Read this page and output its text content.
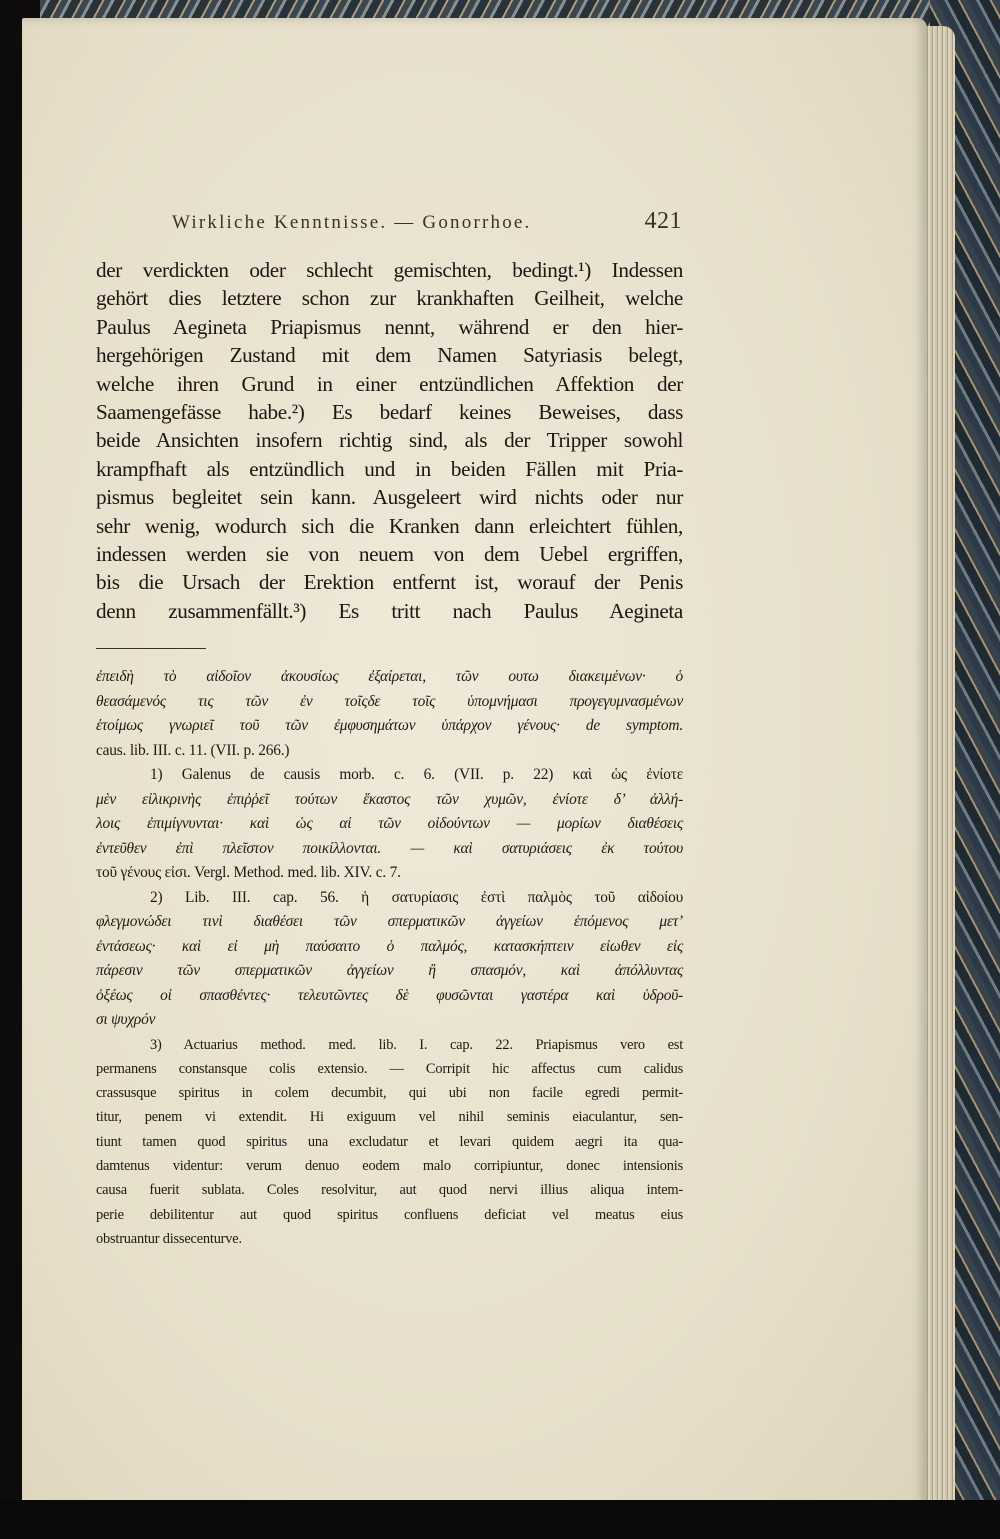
Wirkliche Kenntnisse. — Gonorrhoe.	421
der verdickten oder schlecht gemischten, bedingt.¹) Indessen
gehört dies letztere schon zur krankhaften Geilheit, welche
Paulus Aegineta Priapismus nennt, während er den hier-
hergehörigen Zustand mit dem Namen Satyriasis belegt,
welche ihren Grund in einer entzündlichen Affektion der
Saamengefässe habe.²) Es bedarf keines Beweises, dass
beide Ansichten insofern richtig sind, als der Tripper sowohl
krampfhaft als entzündlich und in beiden Fällen mit Pria-
pismus begleitet sein kann. Ausgeleert wird nichts oder nur
sehr wenig, wodurch sich die Kranken dann erleichtert fühlen,
indessen werden sie von neuem von dem Uebel ergriffen,
bis die Ursach der Erektion entfernt ist, worauf der Penis
denn zusammenfällt.³) Es tritt nach Paulus Aegineta
ἐπειδὴ τὸ αἰδοῖον ἀκουσίως ἐξαίρεται, τῶν ουτω διακειμένων· ὁ
θεασάμενός τις τῶν ἐν τοῖςδε τοῖς ὑπομνήμασι προγεγυμνασμένων
ἑτοίμως γνωριεῖ τοῦ τῶν ἐμφυσημάτων ὑπάρχον γένους· de symptom.
caus. lib. III. c. 11. (VII. p. 266.)
1) Galenus de causis morb. c. 6. (VII. p. 22) καὶ ὡς ἐνίοτε
μὲν εἰλικρινὴς ἐπιῤῥεῖ τούτων ἕκαστος τῶν χυμῶν, ἐνίοτε δ’ ἀλλή-
λοις ἐπιμίγνυνται· καὶ ὡς αἱ τῶν οἰδούντων — μορίων διαθέσεις
ἐντεῦθεν ἐπὶ πλεῖστον ποικίλλονται. — καὶ σατυριάσεις ἐκ τούτου
τοῦ γένους εἰσι. Vergl. Method. med. lib. XIV. c. 7.
2) Lib. III. cap. 56. ἡ σατυρίασις ἐστὶ παλμὸς τοῦ αἰδοίου
φλεγμονώδει τινὶ διαθέσει τῶν σπερματικῶν ἀγγείων ἑπόμενος μετ’
ἐντάσεως· καὶ εἰ μὴ παύσαιτο ὁ παλμός, κατασκήπτειν εἰωθεν εἰς
πάρεσιν τῶν σπερματικῶν ἀγγείων ἢ σπασμόν, καὶ ἀπόλλυντας
ὀξέως οἱ σπασθέντες· τελευτῶντες δὲ φυσῶνται γαστέρα καὶ ὑδροῦ-
σι ψυχρόν
3) Actuarius method. med. lib. I. cap. 22. Priapismus vero est
permanens constansque colis extensio. — Corripit hic affectus cum calidus
crassusque spiritus in colem decumbit, qui ubi non facile egredi permit-
titur, penem vi extendit. Hi exiguum vel nihil seminis eiaculantur, sen-
tiunt tamen quod spiritus una excludatur et levari quidem aegri ita qua-
damtenus videntur: verum denuo eodem malo corripiuntur, donec intensionis
causa fuerit sublata. Coles resolvitur, aut quod nervi illius aliqua intem-
perie debilitentur aut quod spiritus confluens deficiat vel meatus eius
obstruantur dissecenturve.
